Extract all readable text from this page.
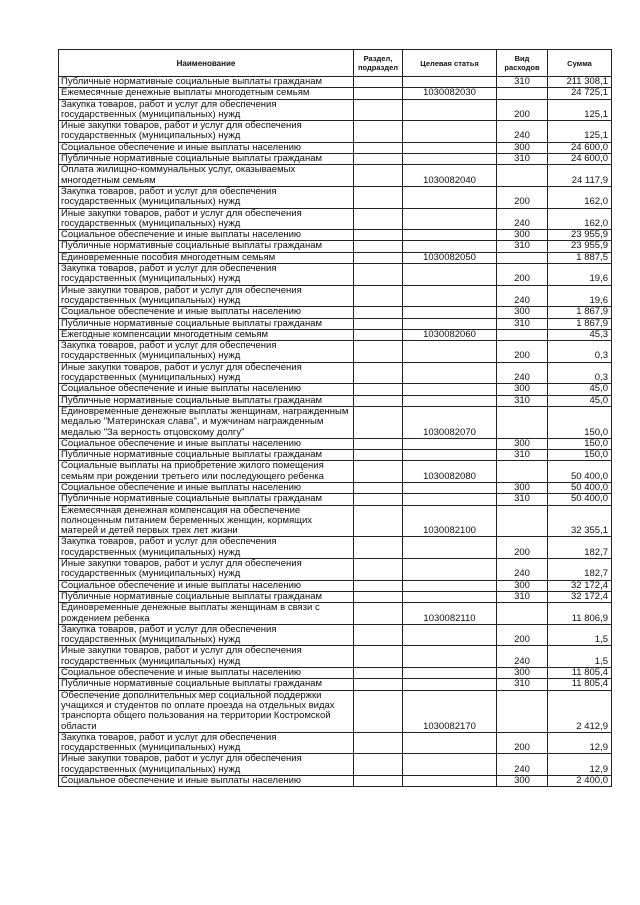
Наименование	Раздел, подраздел	Целевая статья	Вид расходов	Сумма
Публичные нормативные социальные выплаты гражданам			310	211 308,1
Ежемесячные денежные выплаты многодетным семьям		1030082030		24 725,1
Закупка товаров, работ и услуг для обеспечения государственных (муниципальных) нужд			200	125,1
Иные закупки товаров, работ и услуг для обеспечения государственных (муниципальных) нужд			240	125,1
Социальное обеспечение и иные выплаты населению			300	24 600,0
Публичные нормативные социальные выплаты гражданам			310	24 600,0
Оплата жилищно-коммунальных услуг, оказываемых многодетным семьям		1030082040		24 117,9
Закупка товаров, работ и услуг для обеспечения государственных (муниципальных) нужд			200	162,0
Иные закупки товаров, работ и услуг для обеспечения государственных (муниципальных) нужд			240	162,0
Социальное обеспечение и иные выплаты населению			300	23 955,9
Публичные нормативные социальные выплаты гражданам			310	23 955,9
Единовременные пособия многодетным семьям		1030082050		1 887,5
Закупка товаров, работ и услуг для обеспечения государственных (муниципальных) нужд			200	19,6
Иные закупки товаров, работ и услуг для обеспечения государственных (муниципальных) нужд			240	19,6
Социальное обеспечение и иные выплаты населению			300	1 867,9
Публичные нормативные социальные выплаты гражданам			310	1 867,9
Ежегодные компенсации многодетным семьям		1030082060		45,3
Закупка товаров, работ и услуг для обеспечения государственных (муниципальных) нужд			200	0,3
Иные закупки товаров, работ и услуг для обеспечения государственных (муниципальных) нужд			240	0,3
Социальное обеспечение и иные выплаты населению			300	45,0
Публичные нормативные социальные выплаты гражданам			310	45,0
Единовременные денежные выплаты женщинам, награжденным медалью "Материнская слава", и мужчинам награжденным медалью "За верность отцовскому долгу"		1030082070		150,0
Социальное обеспечение и иные выплаты населению			300	150,0
Публичные нормативные социальные выплаты гражданам			310	150,0
Социальные выплаты на приобретение жилого помещения семьям при рождении третьего или последующего ребенка		1030082080		50 400,0
Социальное обеспечение и иные выплаты населению			300	50 400,0
Публичные нормативные социальные выплаты гражданам			310	50 400,0
Ежемесячная денежная компенсация на обеспечение полноценным питанием беременных женщин, кормящих матерей и детей первых трех лет жизни		1030082100		32 355,1
Закупка товаров, работ и услуг для обеспечения государственных (муниципальных) нужд			200	182,7
Иные закупки товаров, работ и услуг для обеспечения государственных (муниципальных) нужд			240	182,7
Социальное обеспечение и иные выплаты населению			300	32 172,4
Публичные нормативные социальные выплаты гражданам			310	32 172,4
Единовременные денежные выплаты женщинам в связи с рождением ребенка		1030082110		11 806,9
Закупка товаров, работ и услуг для обеспечения государственных (муниципальных) нужд			200	1,5
Иные закупки товаров, работ и услуг для обеспечения государственных (муниципальных) нужд			240	1,5
Социальное обеспечение и иные выплаты населению			300	11 805,4
Публичные нормативные социальные выплаты гражданам			310	11 805,4
Обеспечение дополнительных мер социальной поддержки учащихся и студентов по оплате проезда на отдельных видах транспорта общего пользования на территории Костромской области		1030082170		2 412,9
Закупка товаров, работ и услуг для обеспечения государственных (муниципальных) нужд			200	12,9
Иные закупки товаров, работ и услуг для обеспечения государственных (муниципальных) нужд			240	12,9
Социальное обеспечение и иные выплаты населению			300	2 400,0
